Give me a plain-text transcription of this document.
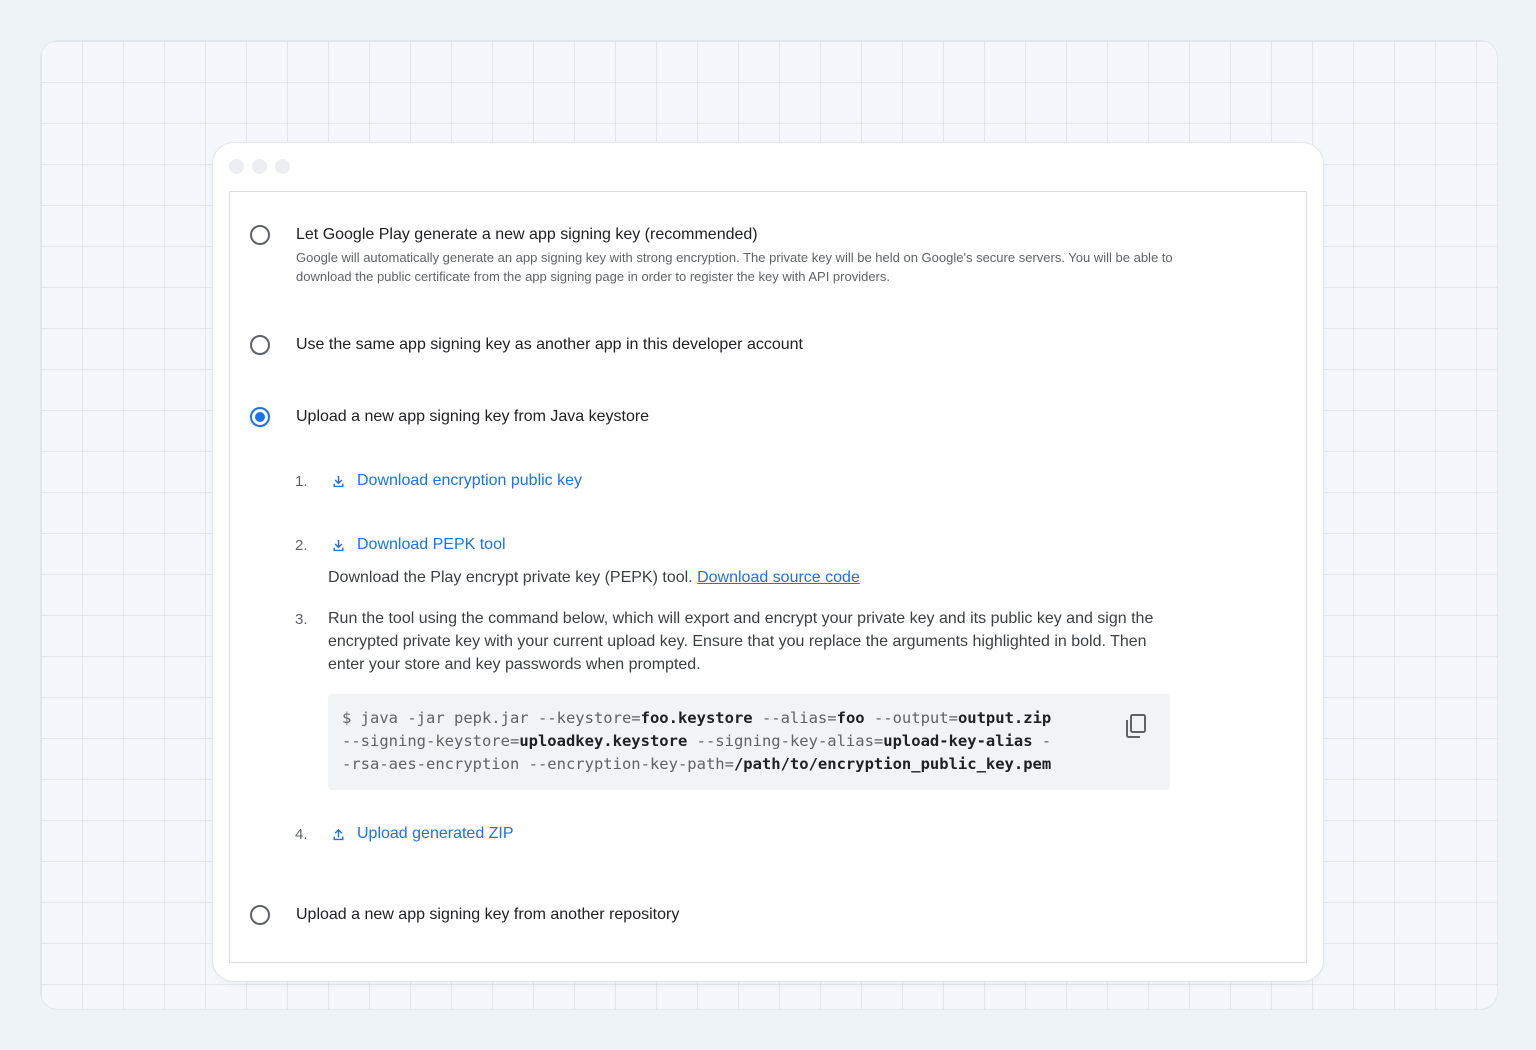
Let Google Play generate a new app signing key (recommended)
Google will automatically generate an app signing key with strong encryption. The private key will be held on Google's secure servers. You will be able to download the public certificate from the app signing page in order to register the key with API providers.
Use the same app signing key as another app in this developer account
Upload a new app signing key from Java keystore
1.	Download encryption public key
2.	Download PEPK tool
Download the Play encrypt private key (PEPK) tool. Download source code
3. Run the tool using the command below, which will export and encrypt your private key and its public key and sign the encrypted private key with your current upload key. Ensure that you replace the arguments highlighted in bold. Then enter your store and key passwords when prompted.
$ java -jar pepk.jar --keystore=foo.keystore --alias=foo --output=output.zip
--signing-keystore=uploadkey.keystore --signing-key-alias=upload-key-alias -
-rsa-aes-encryption --encryption-key-path=/path/to/encryption_public_key.pem
4.	Upload generated ZIP
Upload a new app signing key from another repository
